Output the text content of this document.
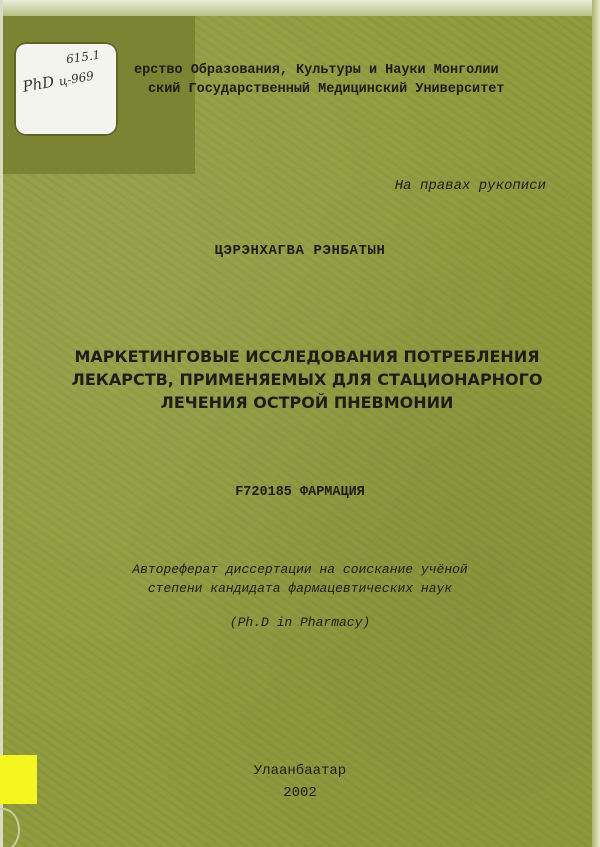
615.1
PhD ц-969	ерство Образования, Культуры и Науки Монголии
ский Государственный Медицинский Университет
На правах рукописи
ЦЭРЭНХАГВА РЭНБАТЫН
МАРКЕТИНГОВЫЕ ИССЛЕДОВАНИЯ ПОТРЕБЛЕНИЯ
ЛЕКАРСТВ, ПРИМЕНЯЕМЫХ ДЛЯ СТАЦИОНАРНОГО
ЛЕЧЕНИЯ ОСТРОЙ ПНЕВМОНИИ
F720185 ФАРМАЦИЯ
Автореферат диссертации на соискание учёной
степени кандидата фармацевтических наук
(Ph.D in Pharmacy)
Улаанбаатар
2002
